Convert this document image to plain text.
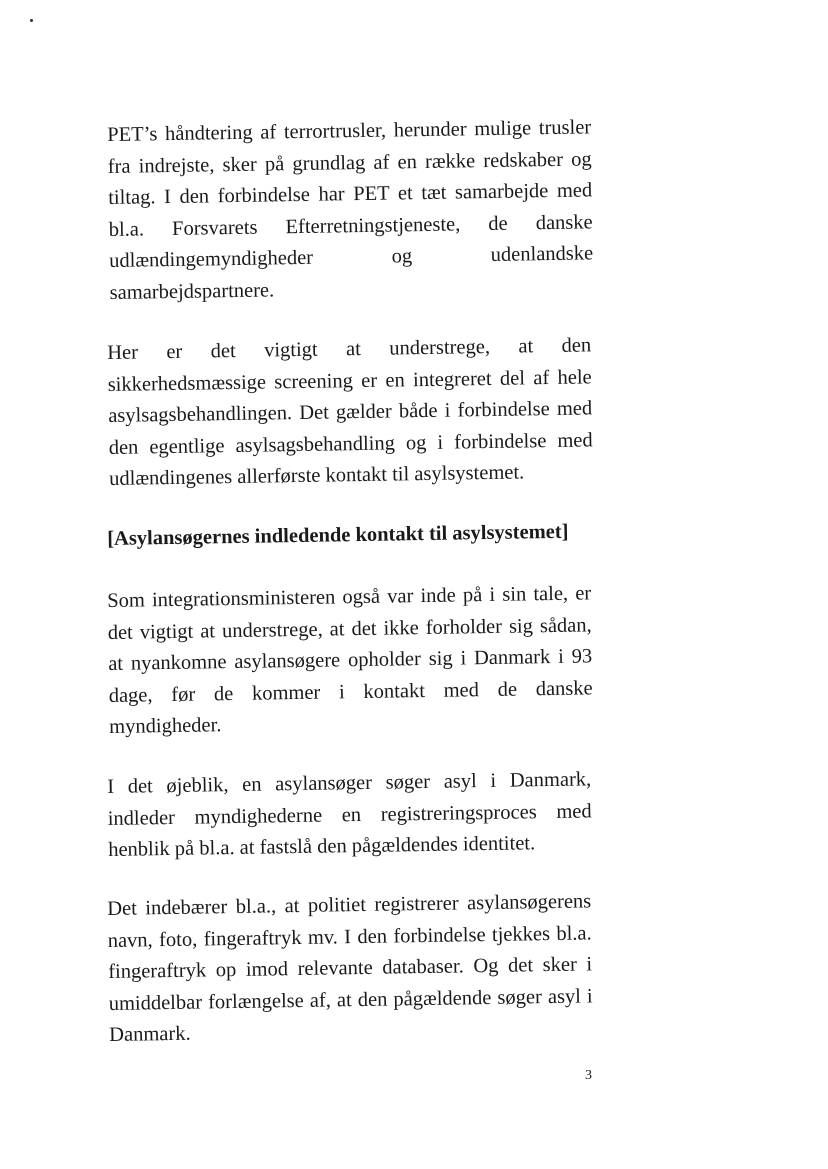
PET’s håndtering af terrortrusler, herunder mulige trusler fra indrejste, sker på grundlag af en række redskaber og tiltag. I den forbindelse har PET et tæt samarbejde med bl.a. Forsvarets Efterretningstjeneste, de danske udlændingemyndigheder og udenlandske samarbejdspartnere.

Her er det vigtigt at understrege, at den sikkerhedsmæssige screening er en integreret del af hele asylsagsbehandlingen. Det gælder både i forbindelse med den egentlige asylsagsbehandling og i forbindelse med udlændingenes allerførste kontakt til asylsystemet.

[Asylansøgernes indledende kontakt til asylsystemet]

Som integrationsministeren også var inde på i sin tale, er det vigtigt at understrege, at det ikke forholder sig sådan, at nyankomne asylansøgere opholder sig i Danmark i 93 dage, før de kommer i kontakt med de danske myndigheder.

I det øjeblik, en asylansøger søger asyl i Danmark, indleder myndighederne en registreringsproces med henblik på bl.a. at fastslå den pågældendes identitet.

Det indebærer bl.a., at politiet registrerer asylansøgerens navn, foto, fingeraftryk mv. I den forbindelse tjekkes bl.a. fingeraftryk op imod relevante databaser. Og det sker i umiddelbar forlængelse af, at den pågældende søger asyl i Danmark.

3
